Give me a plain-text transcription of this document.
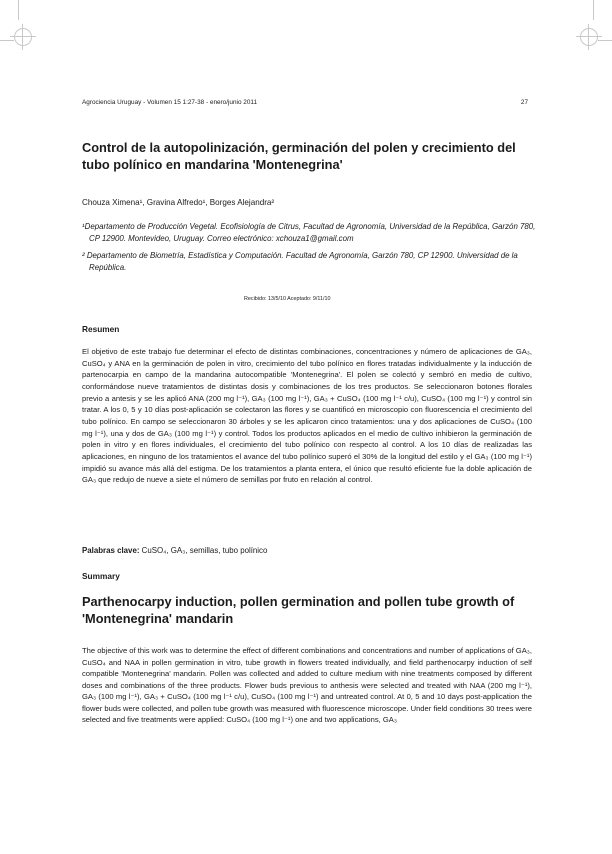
Agrociencia Uruguay - Volumen 15 1:27-38 - enero/junio 2011	27
Control de la autopolinización, germinación del polen y crecimiento del tubo polínico en mandarina 'Montenegrina'
Chouza Ximena¹, Gravina Alfredo¹, Borges Alejandra²

¹Departamento de Producción Vegetal. Ecofisiología de Citrus, Facultad de Agronomía, Universidad de la República, Garzón 780, CP 12900. Montevideo, Uruguay. Correo electrónico: xchouza1@gmail.com

² Departamento de Biometría, Estadística y Computación. Facultad de Agronomía, Garzón 780, CP 12900. Universidad de la República.

Recibido: 13/5/10 Aceptado: 9/11/10
Resumen

El objetivo de este trabajo fue determinar el efecto de distintas combinaciones, concentraciones y número de aplicaciones de GA₃, CuSO₄ y ANA en la germinación de polen in vitro, crecimiento del tubo polínico en flores tratadas individualmente y la inducción de partenocarpia en campo de la mandarina autocompatible 'Montenegrina'. El polen se colectó y sembró en medio de cultivo, conformándose nueve tratamientos de distintas dosis y combinaciones de los tres productos. Se seleccionaron botones florales previo a antesis y se les aplicó ANA (200 mg l⁻¹), GA₃ (100 mg l⁻¹), GA₃ + CuSO₄ (100 mg l⁻¹ c/u), CuSO₄ (100 mg l⁻¹) y control sin tratar. A los 0, 5 y 10 días post-aplicación se colectaron las flores y se cuantificó en microscopio con fluorescencia el crecimiento del tubo polínico. En campo se seleccionaron 30 árboles y se les aplicaron cinco tratamientos: una y dos aplicaciones de CuSO₄ (100 mg l⁻¹), una y dos de GA₃ (100 mg l⁻¹) y control. Todos los productos aplicados en el medio de cultivo inhibieron la germinación de polen in vitro y en flores individuales, el crecimiento del tubo polínico con respecto al control. A los 10 días de realizadas las aplicaciones, en ninguno de los tratamientos el avance del tubo polínico superó el 30% de la longitud del estilo y el GA₃ (100 mg l⁻¹) impidió su avance más allá del estigma. De los tratamientos a planta entera, el único que resultó eficiente fue la doble aplicación de GA₃ que redujo de nueve a siete el número de semillas por fruto en relación al control.

Palabras clave: CuSO₄, GA₃, semillas, tubo polínico
Summary
Parthenocarpy induction, pollen germination and pollen tube growth of 'Montenegrina' mandarin

The objective of this work was to determine the effect of different combinations and concentrations and number of applications of GA₃, CuSO₄ and NAA in pollen germination in vitro, tube growth in flowers treated individually, and field parthenocarpy induction of self compatible 'Montenegrina' mandarin. Pollen was collected and added to culture medium with nine treatments composed by different doses and combinations of the three products. Flower buds previous to anthesis were selected and treated with NAA (200 mg l⁻¹), GA₃ (100 mg l⁻¹), GA₃ + CuSO₄ (100 mg l⁻¹ c/u), CuSO₄ (100 mg l⁻¹) and untreated control. At 0, 5 and 10 days post-application the flower buds were collected, and pollen tube growth was measured with fluorescence microscope. Under field conditions 30 trees were selected and five treatments were applied: CuSO₄ (100 mg l⁻¹) one and two applications, GA₃
